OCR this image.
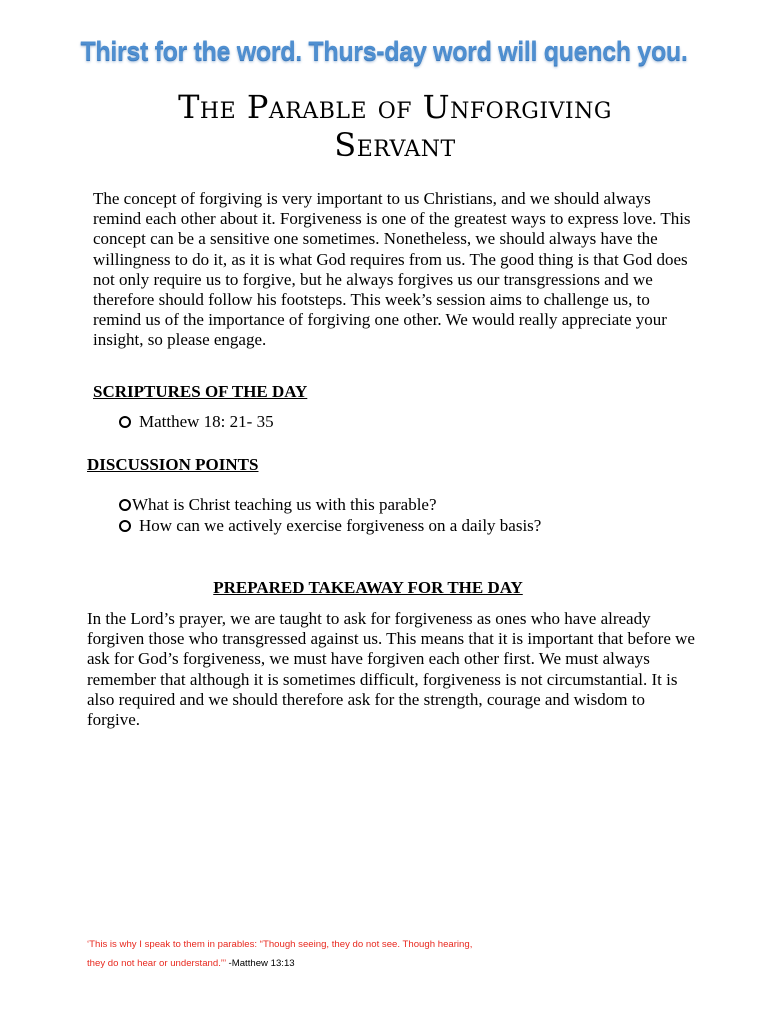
Thirst for the word. Thurs-day word will quench you.
The Parable of Unforgiving
Servant
The concept of forgiving is very important to us Christians, and we should always remind each other about it. Forgiveness is one of the greatest ways to express love. This concept can be a sensitive one sometimes. Nonetheless, we should always have the willingness to do it, as it is what God requires from us. The good thing is that God does not only require us to forgive, but he always forgives us our transgressions and we therefore should follow his footsteps. This week’s session aims to challenge us, to remind us of the importance of forgiving one other. We would really appreciate your insight, so please engage.
SCRIPTURES OF THE DAY
Matthew 18: 21- 35
DISCUSSION POINTS
What is Christ teaching us with this parable?
How can we actively exercise forgiveness on a daily basis?
PREPARED TAKEAWAY FOR THE DAY
In the Lord’s prayer, we are taught to ask for forgiveness as ones who have already forgiven those who transgressed against us. This means that it is important that before we ask for God’s forgiveness, we must have forgiven each other first. We must always remember that although it is sometimes difficult, forgiveness is not circumstantial. It is also required and we should therefore ask for the strength, courage and wisdom to forgive.
‘This is why I speak to them in parables: “Though seeing, they do not see. Though hearing, they do not hear or understand.”’ -Matthew 13:13
